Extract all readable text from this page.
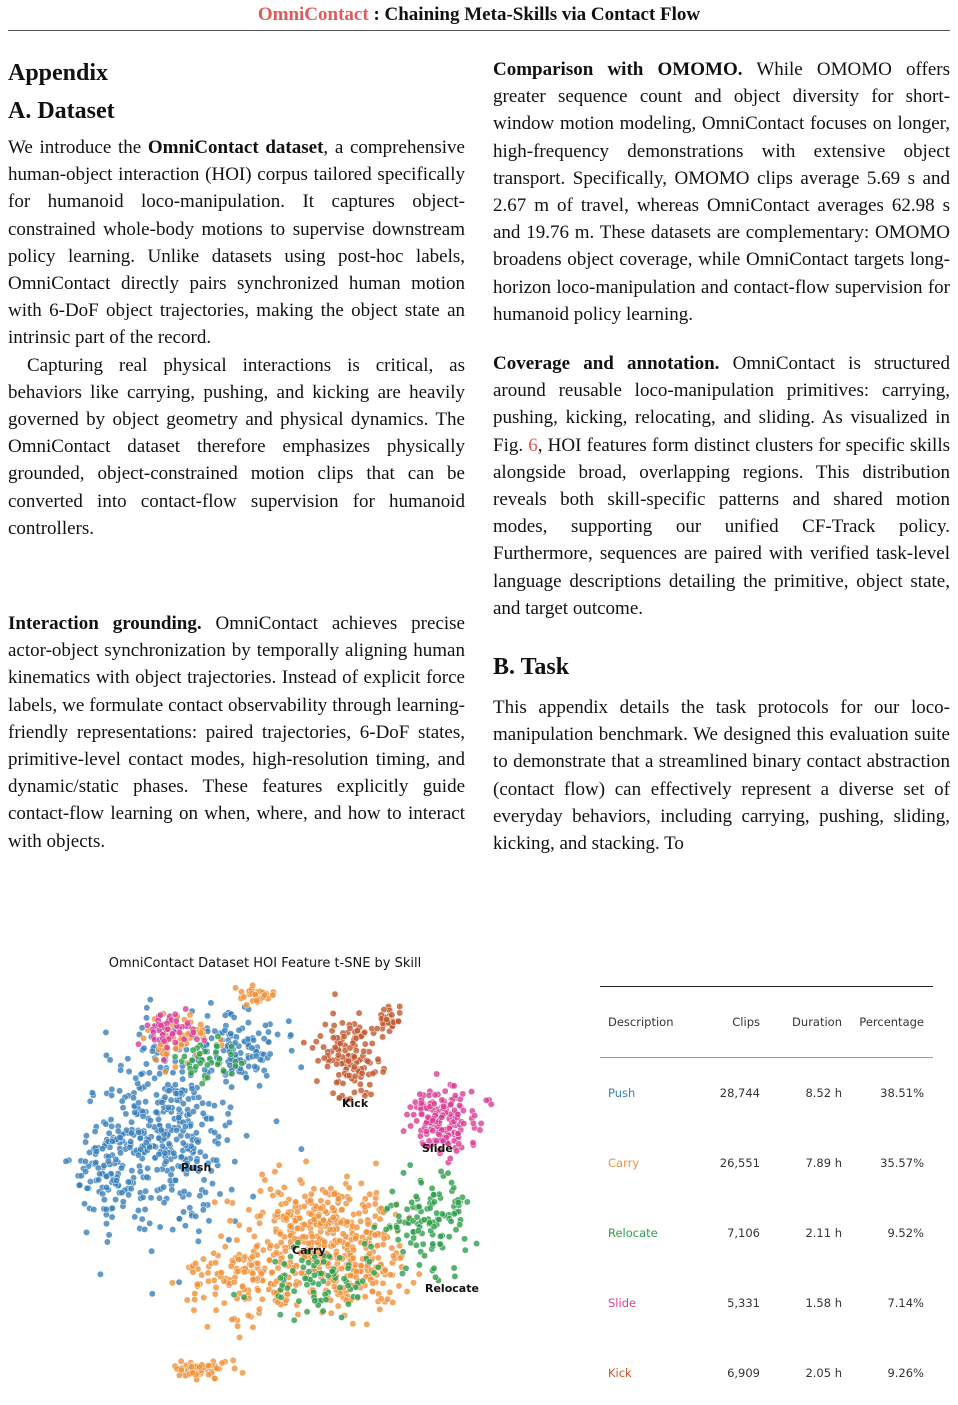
OmniContact : Chaining Meta-Skills via Contact Flow
Appendix
A. Dataset

We introduce the OmniContact dataset, a comprehensive human-object interaction (HOI) corpus tailored specifically for humanoid loco-manipulation. It captures object-constrained whole-body motions to supervise downstream policy learning. Unlike datasets using post-hoc labels, OmniContact directly pairs synchronized human motion with 6-DoF object trajectories, making the object state an intrinsic part of the record.

Capturing real physical interactions is critical, as behaviors like carrying, pushing, and kicking are heavily governed by object geometry and physical dynamics. The OmniContact dataset therefore emphasizes physically grounded, object-constrained motion clips that can be converted into contact-flow supervision for humanoid controllers.

Interaction grounding. OmniContact achieves precise actor-object synchronization by temporally aligning human kinematics with object trajectories. Instead of explicit force labels, we formulate contact observability through learning-friendly representations: paired trajectories, 6-DoF states, primitive-level contact modes, high-resolution timing, and dynamic/static phases. These features explicitly guide contact-flow learning on when, where, and how to interact with objects.

Comparison with OMOMO. While OMOMO offers greater sequence count and object diversity for short-window motion modeling, OmniContact focuses on longer, high-frequency demonstrations with extensive object transport. Specifically, OMOMO clips average 5.69 s and 2.67 m of travel, whereas OmniContact averages 62.98 s and 19.76 m. These datasets are complementary: OMOMO broadens object coverage, while OmniContact targets long-horizon loco-manipulation and contact-flow supervision for humanoid policy learning.

Coverage and annotation. OmniContact is structured around reusable loco-manipulation primitives: carrying, pushing, kicking, relocating, and sliding. As visualized in Fig. 6, HOI features form distinct clusters for specific skills alongside broad, overlapping regions. This distribution reveals both skill-specific patterns and shared motion modes, supporting our unified CF-Track policy. Furthermore, sequences are paired with verified task-level language descriptions detailing the primitive, object state, and target outcome.

B. Task

This appendix details the task protocols for our loco-manipulation benchmark. We designed this evaluation suite to demonstrate that a streamlined binary contact abstraction (contact flow) can effectively represent a diverse set of everyday behaviors, including carrying, pushing, sliding, kicking, and stacking. To

OmniContact Dataset HOI Feature t-SNE by Skill
Push
Carry
Relocate
Slide
Kick
Description	Clips	Duration	Percentage
Push	28,744	8.52 h	38.51%
Carry	26,551	7.89 h	35.57%
Relocate	7,106	2.11 h	9.52%
Slide	5,331	1.58 h	7.14%
Kick	6,909	2.05 h	9.26%
